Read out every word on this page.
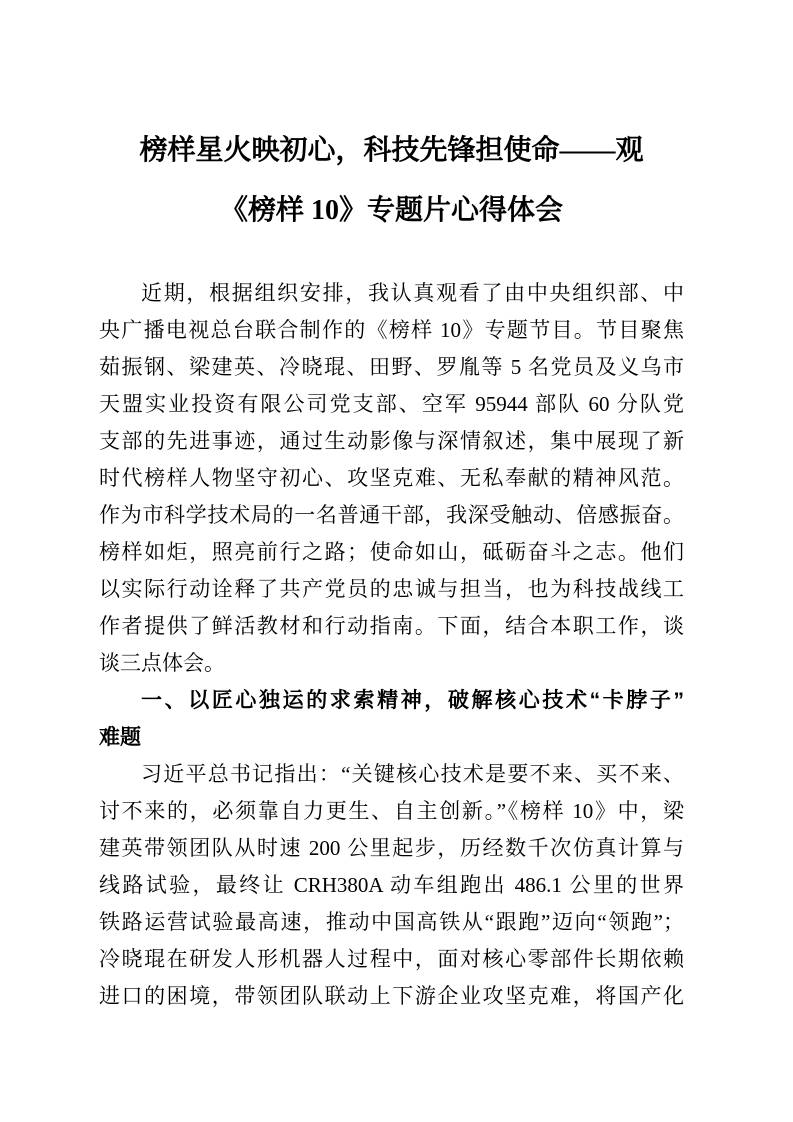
榜样星火映初心，科技先锋担使命——观
《榜样 10》专题片心得体会
近期，根据组织安排，我认真观看了由中央组织部、中
央广播电视总台联合制作的《榜样 10》专题节目。节目聚焦
茹振钢、梁建英、冷晓琨、田野、罗胤等 5 名党员及义乌市
天盟实业投资有限公司党支部、空军 95944 部队 60 分队党
支部的先进事迹，通过生动影像与深情叙述，集中展现了新
时代榜样人物坚守初心、攻坚克难、无私奉献的精神风范。
作为市科学技术局的一名普通干部，我深受触动、倍感振奋。
榜样如炬，照亮前行之路；使命如山，砥砺奋斗之志。他们
以实际行动诠释了共产党员的忠诚与担当，也为科技战线工
作者提供了鲜活教材和行动指南。下面，结合本职工作，谈
谈三点体会。
一、以匠心独运的求索精神，破解核心技术“卡脖子”
难题
习近平总书记指出：“关键核心技术是要不来、买不来、
讨不来的，必须靠自力更生、自主创新。”《榜样 10》中，梁
建英带领团队从时速 200 公里起步，历经数千次仿真计算与
线路试验，最终让 CRH380A 动车组跑出 486.1 公里的世界
铁路运营试验最高速，推动中国高铁从“跟跑”迈向“领跑”；
冷晓琨在研发人形机器人过程中，面对核心零部件长期依赖
进口的困境，带领团队联动上下游企业攻坚克难，将国产化
